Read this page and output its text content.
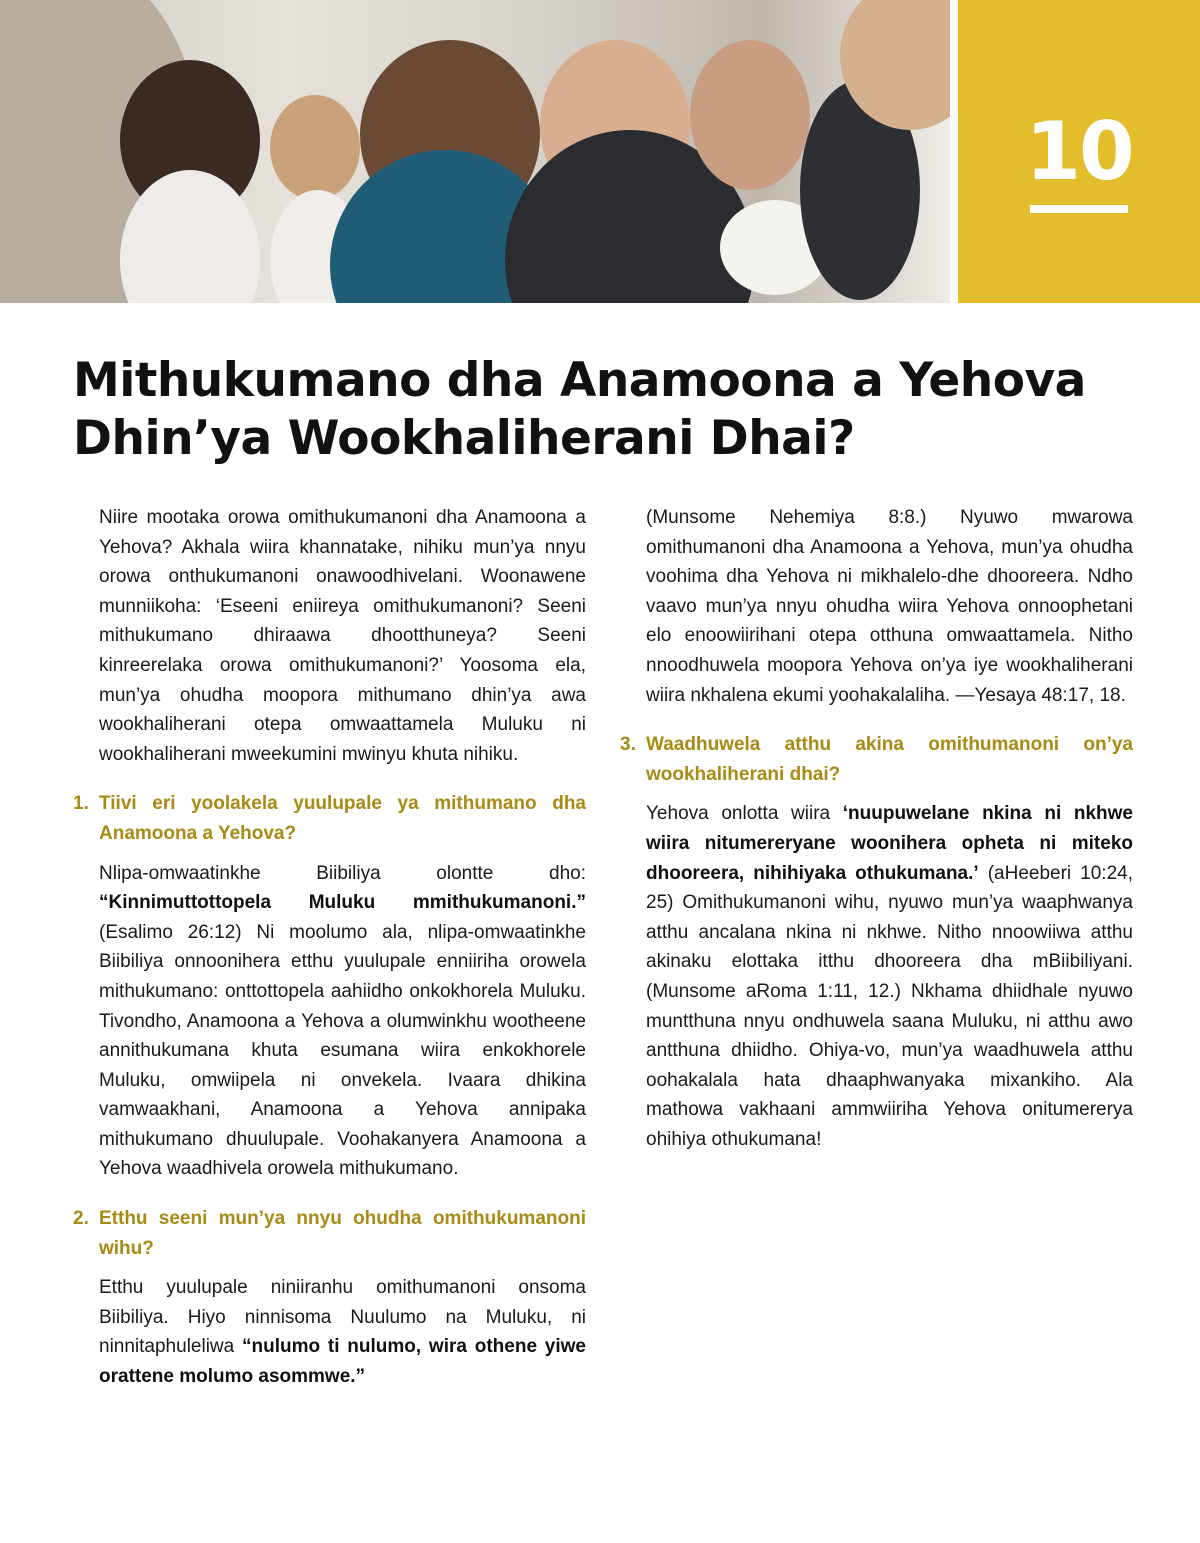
10
Mithukumano dha Anamoona a Yehova
Dhin’ya Wookhaliherani Dhai?

Niire mootaka orowa omithukumanoni dha Anamoona a Yehova? Akhala wiira khannatake, nihiku mun’ya nnyu orowa onthukumanoni onawoodhivelani. Woonawene munniikoha: ‘Eseeni eniireya omithukumanoni? Seeni mithukumano dhiraawa dhootthuneya? Seeni kinreerelaka orowa omithukumanoni?’ Yoosoma ela, mun’ya ohudha moopora mithumano dhin’ya awa wookhaliherani otepa omwaattamela Muluku ni wookhaliherani mweekumini mwinyu khuta nihiku.

1. Tiivi eri yoolakela yuulupale ya mithumano dha Anamoona a Yehova?

Nlipa-omwaatinkhe Biibiliya olontte dho: “Kinnimuttottopela Muluku mmithukumanoni.” (Esalimo 26:12) Ni moolumo ala, nlipa-omwaatinkhe Biibiliya onnoonihera etthu yuulupale enniiriha orowela mithukumano: onttottopela aahiidho onkokhorela Muluku. Tivondho, Anamoona a Yehova a olumwinkhu wootheene annithukumana khuta esumana wiira enkokhorele Muluku, omwiipela ni onvekela. Ivaara dhikina vamwaakhani, Anamoona a Yehova annipaka mithukumano dhuulupale. Voohakanyera Anamoona a Yehova waadhivela orowela mithukumano.

2. Etthu seeni mun’ya nnyu ohudha omithukumanoni wihu?

Etthu yuulupale niniiranhu omithumanoni onsoma Biibiliya. Hiyo ninnisoma Nuulumo na Muluku, ni ninnitaphuleliwa “nulumo ti nulumo, wira othene yiwe orattene molumo asommwe.”

(Munsome Nehemiya 8:8.) Nyuwo mwarowa omithumanoni dha Anamoona a Yehova, mun’ya ohudha voohima dha Yehova ni mikhalelo-dhe dhooreera. Ndho vaavo mun’ya nnyu ohudha wiira Yehova onnoophetani elo enoowiirihani otepa otthuna omwaattamela. Nitho nnoodhuwela moopora Yehova on’ya iye wookhaliherani wiira nkhalena ekumi yoohakalaliha. —Yesaya 48:17, 18.

3. Waadhuwela atthu akina omithumanoni on’ya wookhaliherani dhai?

Yehova onlotta wiira ‘nuupuwelane nkina ni nkhwe wiira nitumereryane woonihera opheta ni miteko dhooreera, nihihiyaka othukumana.’ (aHeeberi 10:24, 25) Omithukumanoni wihu, nyuwo mun’ya waaphwanya atthu ancalana nkina ni nkhwe. Nitho nnoowiiwa atthu akinaku elottaka itthu dhooreera dha mBiibiliyani. (Munsome aRoma 1:11, 12.) Nkhama dhiidhale nyuwo muntthuna nnyu ondhuwela saana Muluku, ni atthu awo antthuna dhiidho. Ohiya-vo, mun’ya waadhuwela atthu oohakalala hata dhaaphwanyaka mixankiho. Ala mathowa vakhaani ammwiiriha Yehova onitumererya ohihiya othukumana!
